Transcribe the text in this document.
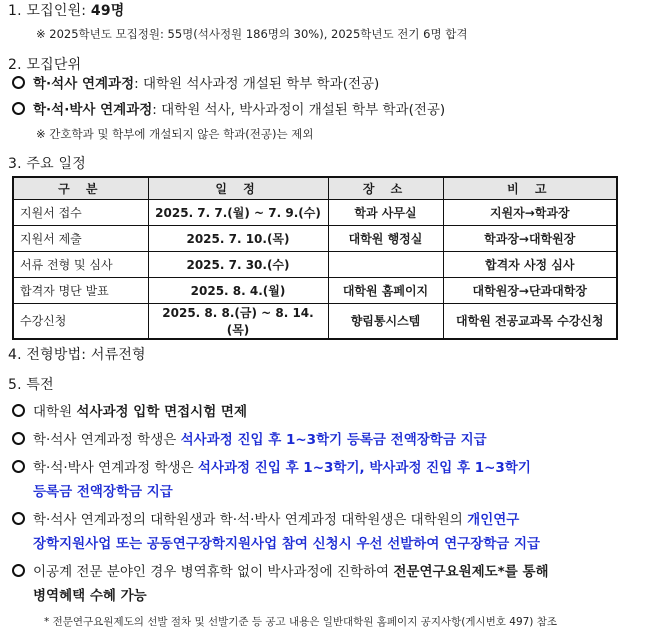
1. 모집인원: 49명
※ 2025학년도 모집정원: 55명(석사정원 186명의 30%), 2025학년도 전기 6명 합격
2. 모집단위
학·석사 연계과정: 대학원 석사과정 개설된 학부 학과(전공)
학·석·박사 연계과정: 대학원 석사, 박사과정이 개설된 학부 학과(전공)
※ 간호학과 및 학부에 개설되지 않은 학과(전공)는 제외
3. 주요 일정
구 분	일 정	장 소	비 고
지원서 접수	2025. 7. 7.(월) ~ 7. 9.(수)	학과 사무실	지원자→학과장
지원서 제출	2025. 7. 10.(목)	대학원 행정실	학과장→대학원장
서류 전형 및 심사	2025. 7. 30.(수)		합격자 사정 심사
합격자 명단 발표	2025. 8. 4.(월)	대학원 홈페이지	대학원장→단과대학장
수강신청	2025. 8. 8.(금) ~ 8. 14.(목)	향림통시스템	대학원 전공교과목 수강신청
4. 전형방법: 서류전형
5. 특전
대학원 석사과정 입학 면접시험 면제
학·석사 연계과정 학생은 석사과정 진입 후 1~3학기 등록금 전액장학금 지급
학·석·박사 연계과정 학생은 석사과정 진입 후 1~3학기, 박사과정 진입 후 1~3학기
등록금 전액장학금 지급
학·석사 연계과정의 대학원생과 학·석·박사 연계과정 대학원생은 대학원의 개인연구
장학지원사업 또는 공동연구장학지원사업 참여 신청시 우선 선발하여 연구장학금 지급
이공계 전문 분야인 경우 병역휴학 없이 박사과정에 진학하여 전문연구요원제도*를 통해
병역혜택 수혜 가능
* 전문연구요원제도의 선발 절차 및 선발기준 등 공고 내용은 일반대학원 홈페이지 공지사항(게시번호 497) 참조
